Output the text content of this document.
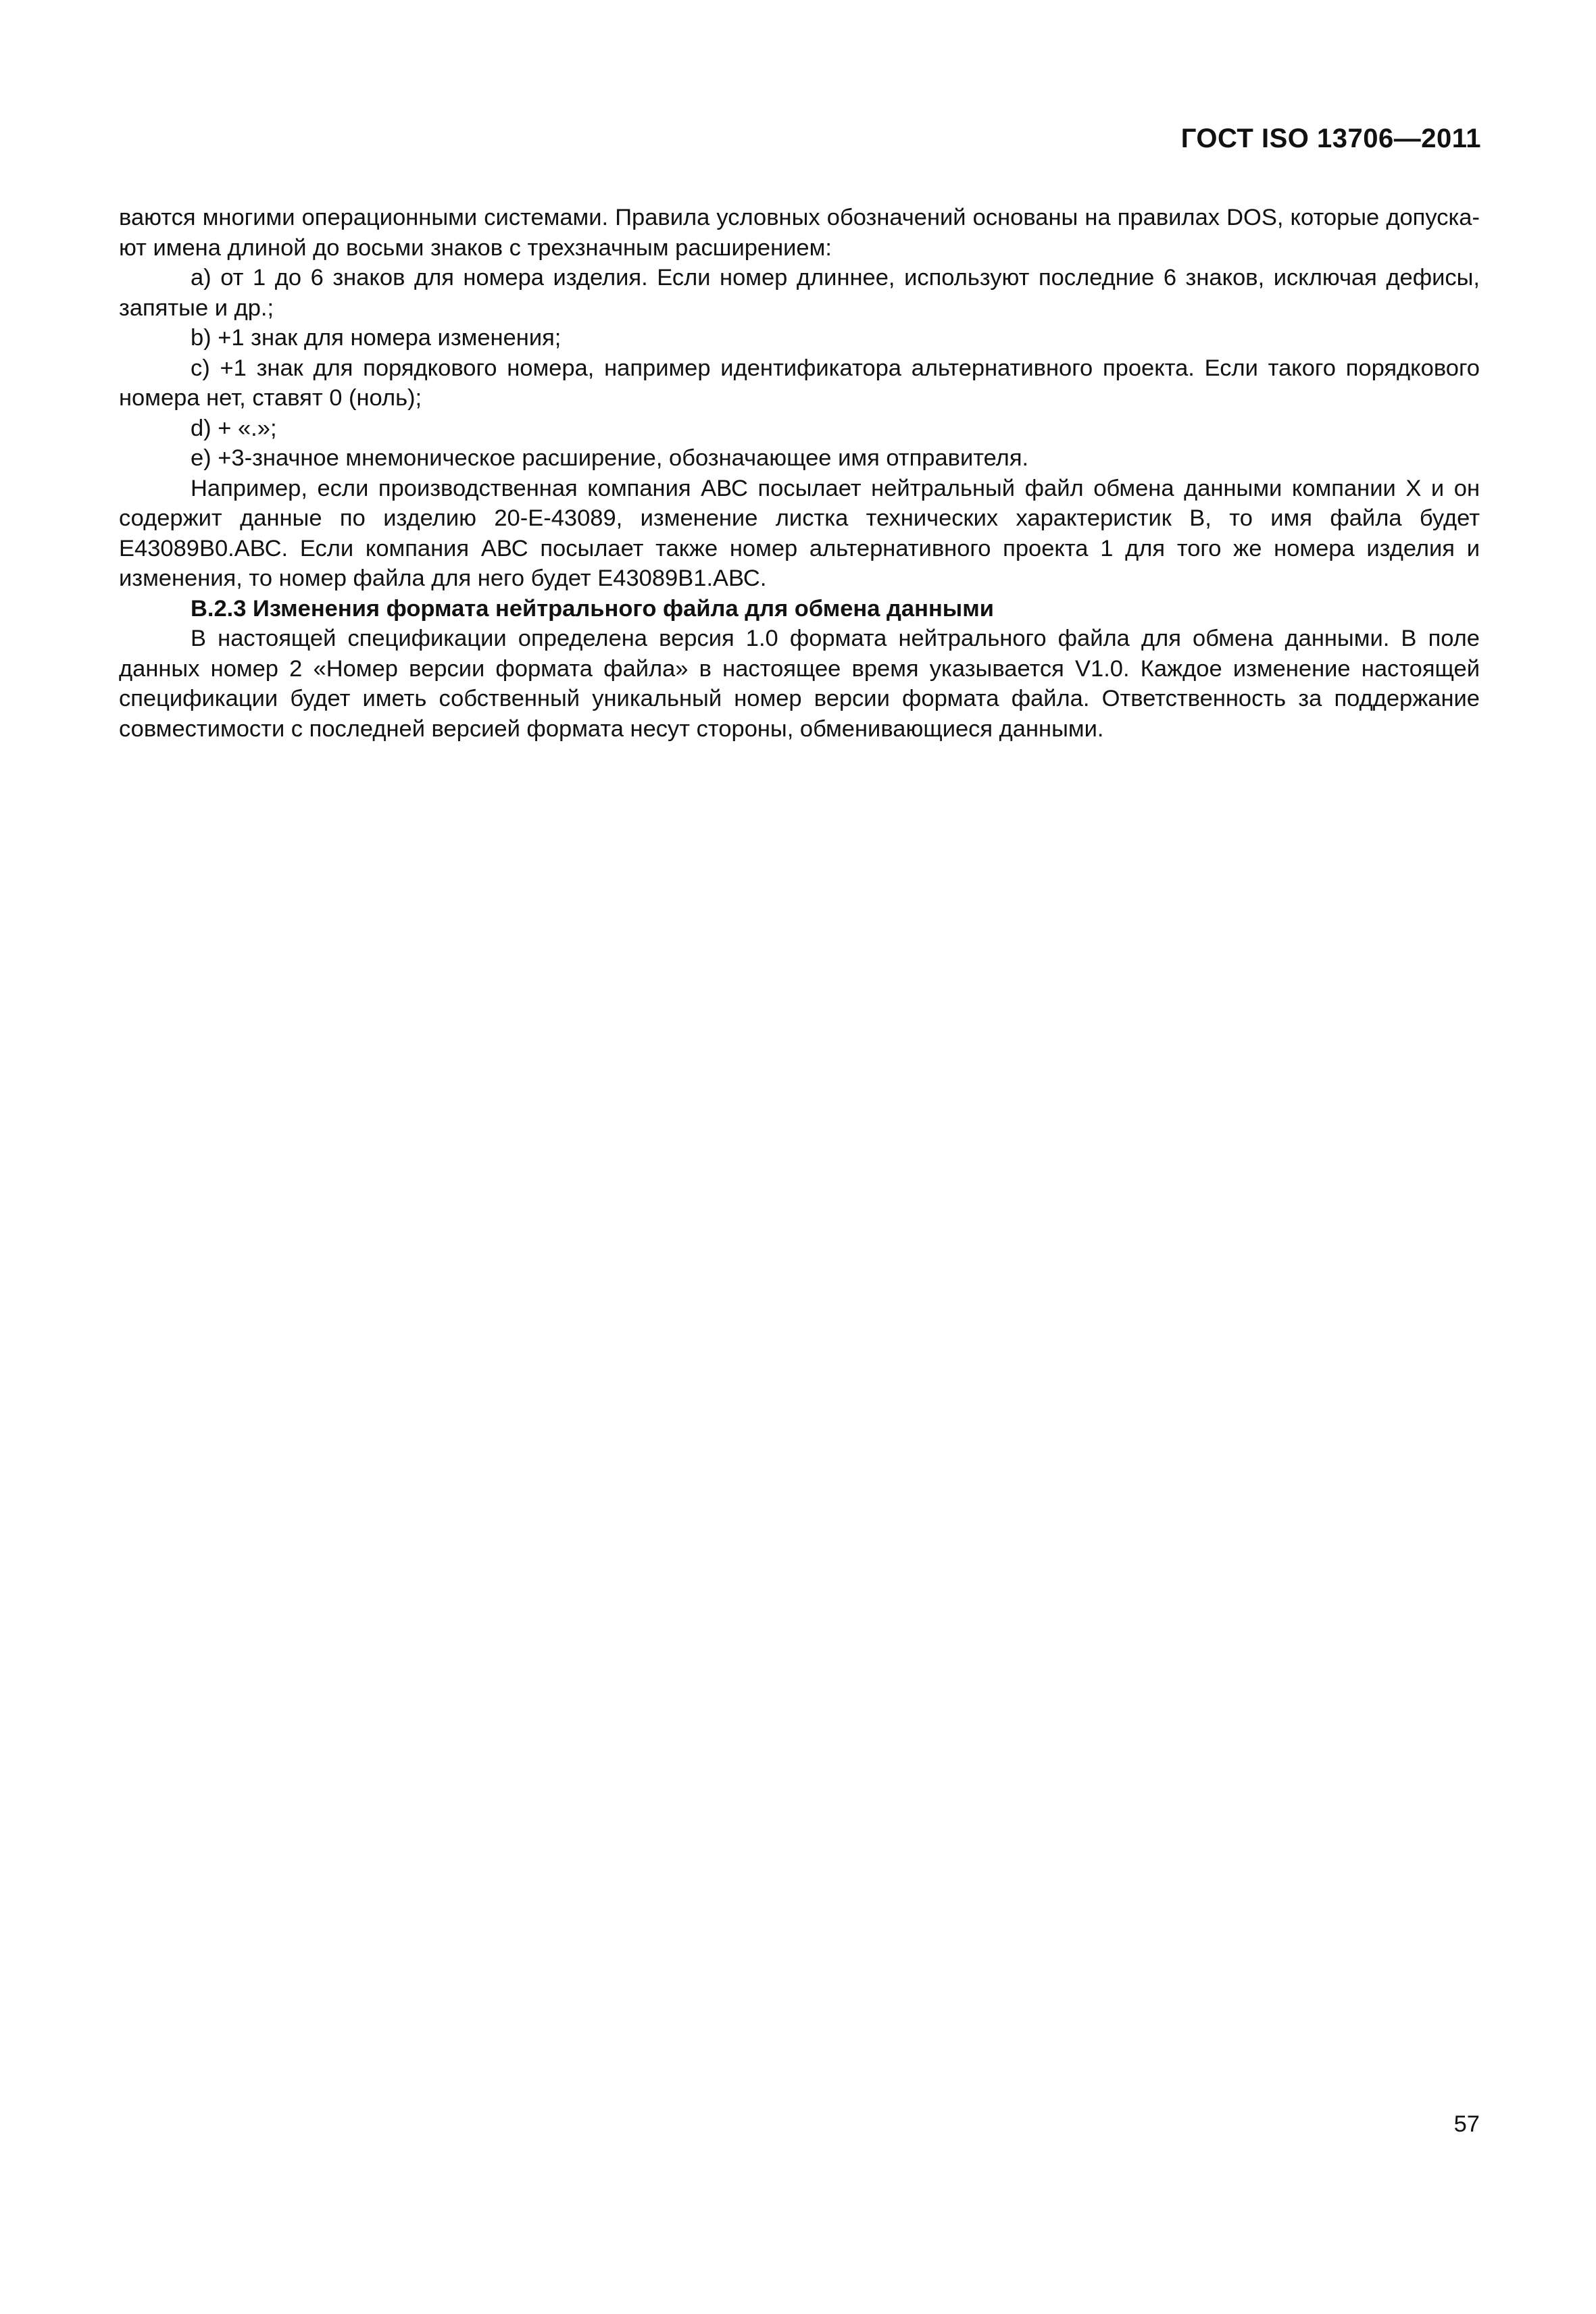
ГОСТ ISO 13706—2011

ваются многими операционными системами. Правила условных обозначений основаны на правилах DOS, которые допускают имена длиной до восьми знаков с трехзначным расширением:

а) от 1 до 6 знаков для номера изделия. Если номер длиннее, используют последние 6 знаков, исключая дефисы, запятые и др.;

b) +1 знак для номера изменения;

c) +1 знак для порядкового номера, например идентификатора альтернативного проекта. Если такого порядкового номера нет, ставят 0 (ноль);

d) + «.»;

e) +3-значное мнемоническое расширение, обозначающее имя отправителя.

Например, если производственная компания АВС посылает нейтральный файл обмена данными компании X и он содержит данные по изделию 20-Е-43089, изменение листка технических характеристик В, то имя файла будет Е43089В0.АВС. Если компания АВС посылает также номер альтернативного проекта 1 для того же номера изделия и изменения, то номер файла для него будет Е43089В1.АВС.

В.2.3 Изменения формата нейтрального файла для обмена данными

В настоящей спецификации определена версия 1.0 формата нейтрального файла для обмена данными. В поле данных номер 2 «Номер версии формата файла» в настоящее время указывается V1.0. Каждое изменение настоящей спецификации будет иметь собственный уникальный номер версии формата файла. Ответственность за поддержание совместимости с последней версией формата несут стороны, обменивающиеся данными.

57
